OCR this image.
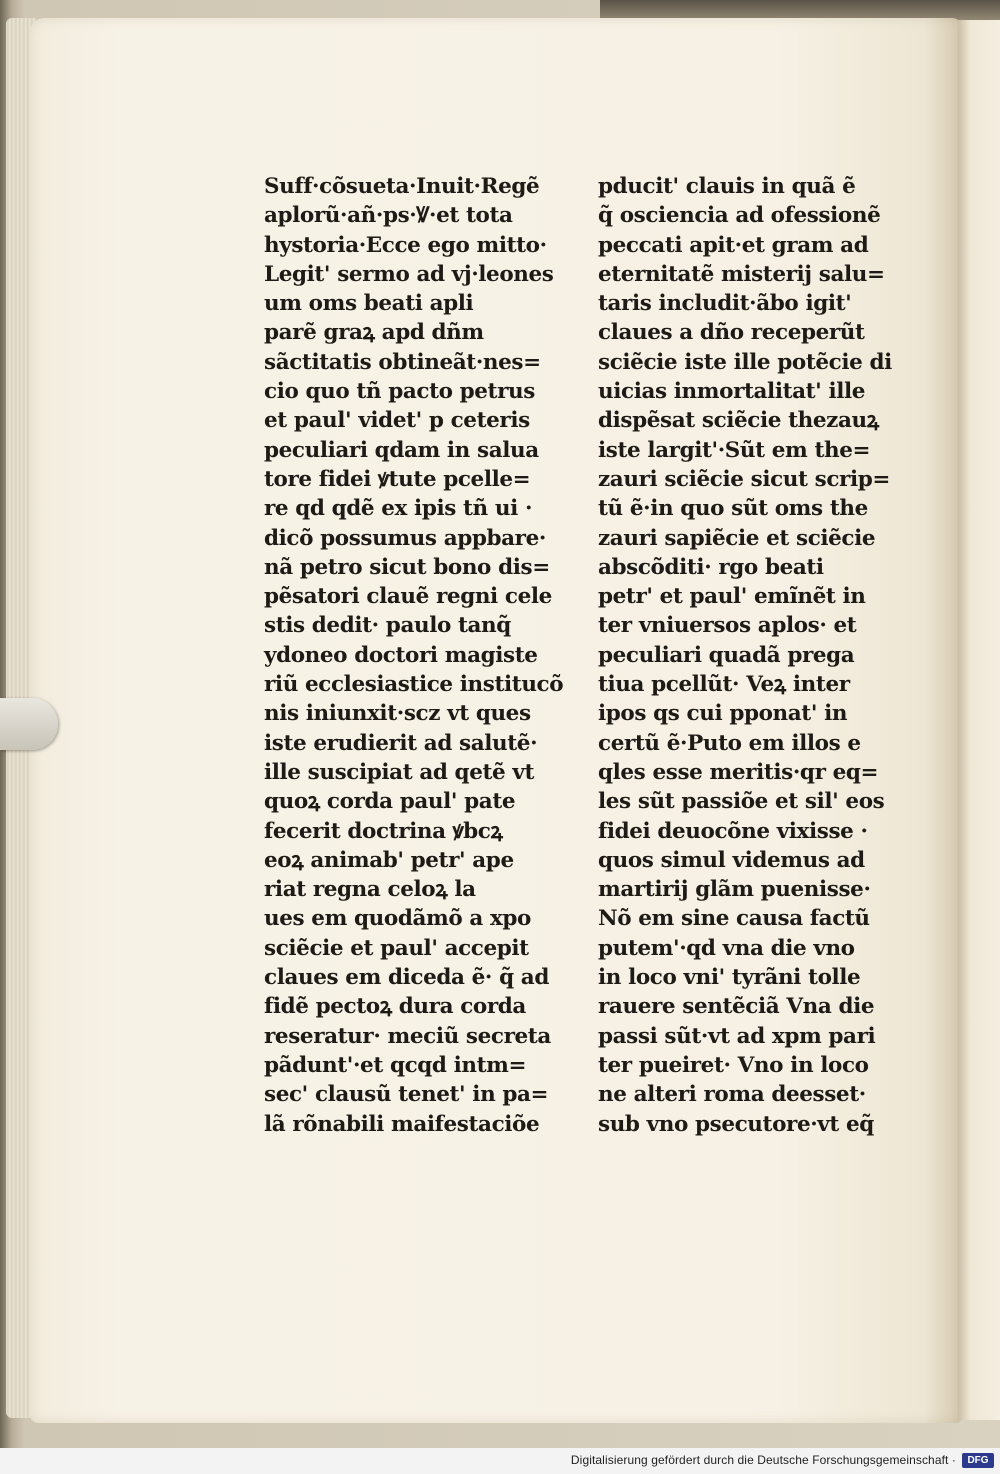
Suff·cõsueta·Inuit·Regẽ
aplorũ·añ·ps·Ꝟ·et tota
hystoria·Ecce ego mitto·
Legit' sermo ad vj·leones
um oms beati apli
parẽ graꝝ apd dñm
sãctitatis obtineãt·nes=
cio quo tñ pacto petrus
et paul' videt' p ceteris
peculiari qdam in salua
tore fidei ꝟtute pcelle=
re qd qdẽ ex ipis tñ ui ·
dicõ possumus appbare·
nã petro sicut bono dis=
pẽsatori clauẽ regni cele
stis dedit· paulo tanq̃
ydoneo doctori magiste
riũ ecclesiastice institucõ
nis iniunxit·scz vt ques
iste erudierit ad salutẽ·
ille suscipiat ad qetẽ vt
quoꝝ corda paul' pate
fecerit doctrina ꝟbcꝝ
eoꝝ animab' petr' ape
riat regna celoꝝ la
ues em quodãmõ a xpo
sciẽcie et paul' accepit
claues em diceda ẽ· q̃ ad
fidẽ pectoꝝ dura corda
reseratur· meciũ secreta
pãdunt'·et qcqd intm=
sec' clausũ tenet' in pa=
lã rõnabili maifestaciõe
pducit' clauis in quã ẽ
q̃ osciencia ad ofessionẽ
peccati apit·et gram ad
eternitatẽ misterij salu=
taris includit·ãbo igit'
claues a dño receperũt
sciẽcie iste ille potẽcie di
uicias inmortalitat' ille
dispẽsat sciẽcie thezauꝝ
iste largit'·Sũt em the=
zauri sciẽcie sicut scrip=
tũ ẽ·in quo sũt oms the
zauri sapiẽcie et sciẽcie
abscõditi· rgo beati
petr' et paul' emĩnẽt in
ter vniuersos aplos· et
peculiari quadã prega
tiua pcellũt· Veꝝ inter
ipos qs cui pponat' in
certũ ẽ·Puto em illos e
qles esse meritis·qr eq=
les sũt passiõe et sil' eos
fidei deuocõne vixisse ·
quos simul videmus ad
martirij glãm puenisse·
Nõ em sine causa factũ
putem'·qd vna die vno
in loco vni' tyrãni tolle
rauere sentẽciã Vna die
passi sũt·vt ad xpm pari
ter pueiret· Vno in loco
ne alteri roma deesset·
sub vno psecutore·vt eq̃
Digitalisierung gefördert durch die Deutsche Forschungsgemeinschaft ·	DFG
